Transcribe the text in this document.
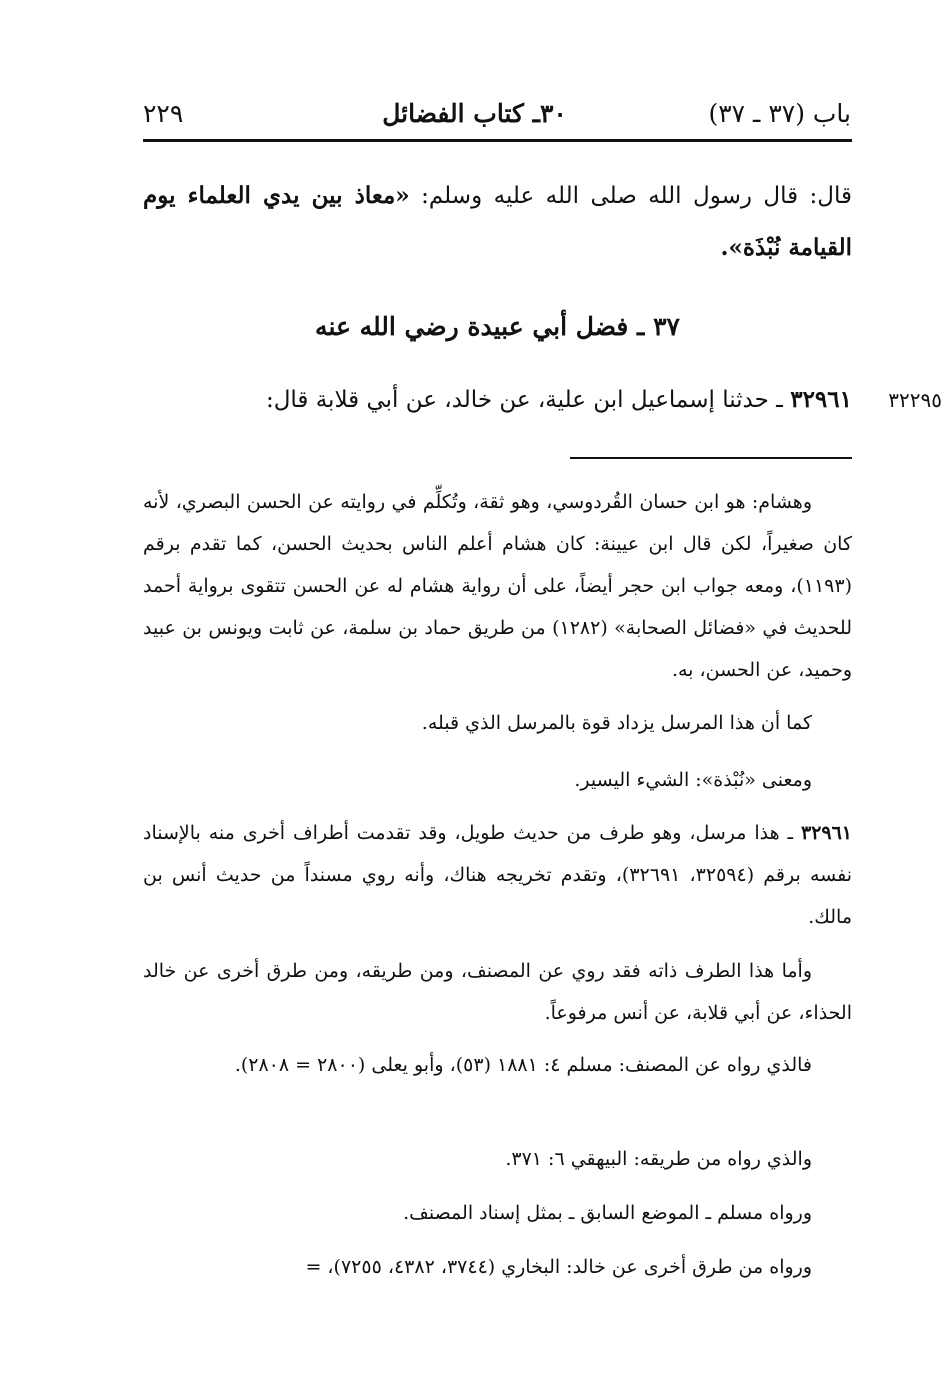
باب (٣٧ ـ ٣٧)
٣٠ـ كتاب الفضائل
٢٢٩
قال: قال رسول الله صلى الله عليه وسلم: «معاذ بين يدي العلماء يوم القيامة نُبْذَة».
٣٧ ـ فضل أبي عبيدة رضي الله عنه
٣٢٢٩٥
٣٢٩٦١ ـ حدثنا إسماعيل ابن علية، عن خالد، عن أبي قلابة قال:
وهشام: هو ابن حسان القُردوسي، وهو ثقة، وتُكلِّم في روايته عن الحسن البصري، لأنه كان صغيراً، لكن قال ابن عيينة: كان هشام أعلم الناس بحديث الحسن، كما تقدم برقم (١١٩٣)، ومعه جواب ابن حجر أيضاً، على أن رواية هشام له عن الحسن تتقوى برواية أحمد للحديث في «فضائل الصحابة» (١٢٨٢) من طريق حماد بن سلمة، عن ثابت ويونس بن عبيد وحميد، عن الحسن، به.
كما أن هذا المرسل يزداد قوة بالمرسل الذي قبله.
ومعنى «نُبْذة»: الشيء اليسير.
٣٢٩٦١ ـ هذا مرسل، وهو طرف من حديث طويل، وقد تقدمت أطراف أخرى منه بالإسناد نفسه برقم (٣٢٥٩٤، ٣٢٦٩١)، وتقدم تخريجه هناك، وأنه روي مسنداً من حديث أنس بن مالك.
وأما هذا الطرف ذاته فقد روي عن المصنف، ومن طريقه، ومن طرق أخرى عن خالد الحذاء، عن أبي قلابة، عن أنس مرفوعاً.
فالذي رواه عن المصنف: مسلم ٤: ١٨٨١ (٥٣)، وأبو يعلى (٢٨٠٠ = ٢٨٠٨).
والذي رواه من طريقه: البيهقي ٦: ٣٧١.
ورواه مسلم ـ الموضع السابق ـ بمثل إسناد المصنف.
ورواه من طرق أخرى عن خالد: البخاري (٣٧٤٤، ٤٣٨٢، ٧٢٥٥)، =
